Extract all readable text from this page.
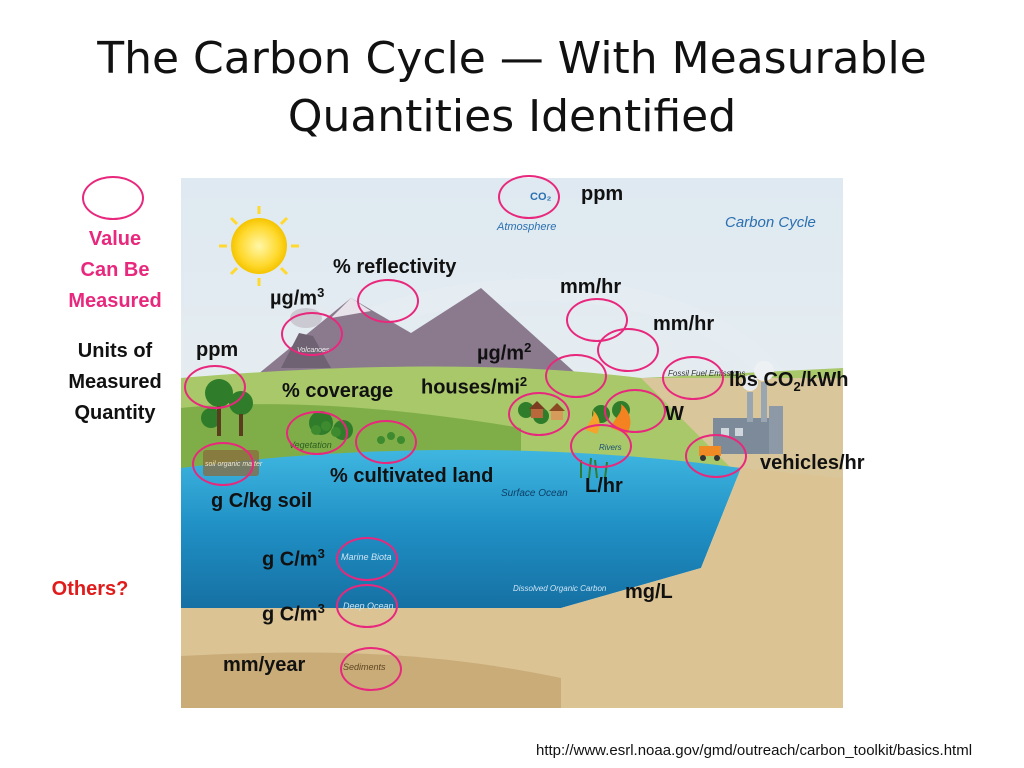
The Carbon Cycle — With Measurable
Quantities Identified
Value
Can Be
Measured
Units of
Measured
Quantity
Others?
CO₂
Atmosphere	Carbon Cycle
Fossil Fuel Emissions
Volcanoes
Vegetation
soil organic matter
Rivers
Surface Ocean
Marine Biota
Deep Ocean
Dissolved Organic Carbon
Sediments
ppm
% reflectivity
$\mu g/m^3$	mm/hr
mm/hr
ppm	$\mu g/m^2$
houses/$mi^2$
% coverage	lbs $CO_2$/kWh
W
vehicles/hr
% cultivated land	L/hr
g C/kg soil
g $C/m^3$
g $C/m^3$
mg/L
mm/year
http://www.esrl.noaa.gov/gmd/outreach/carbon_toolkit/basics.html
